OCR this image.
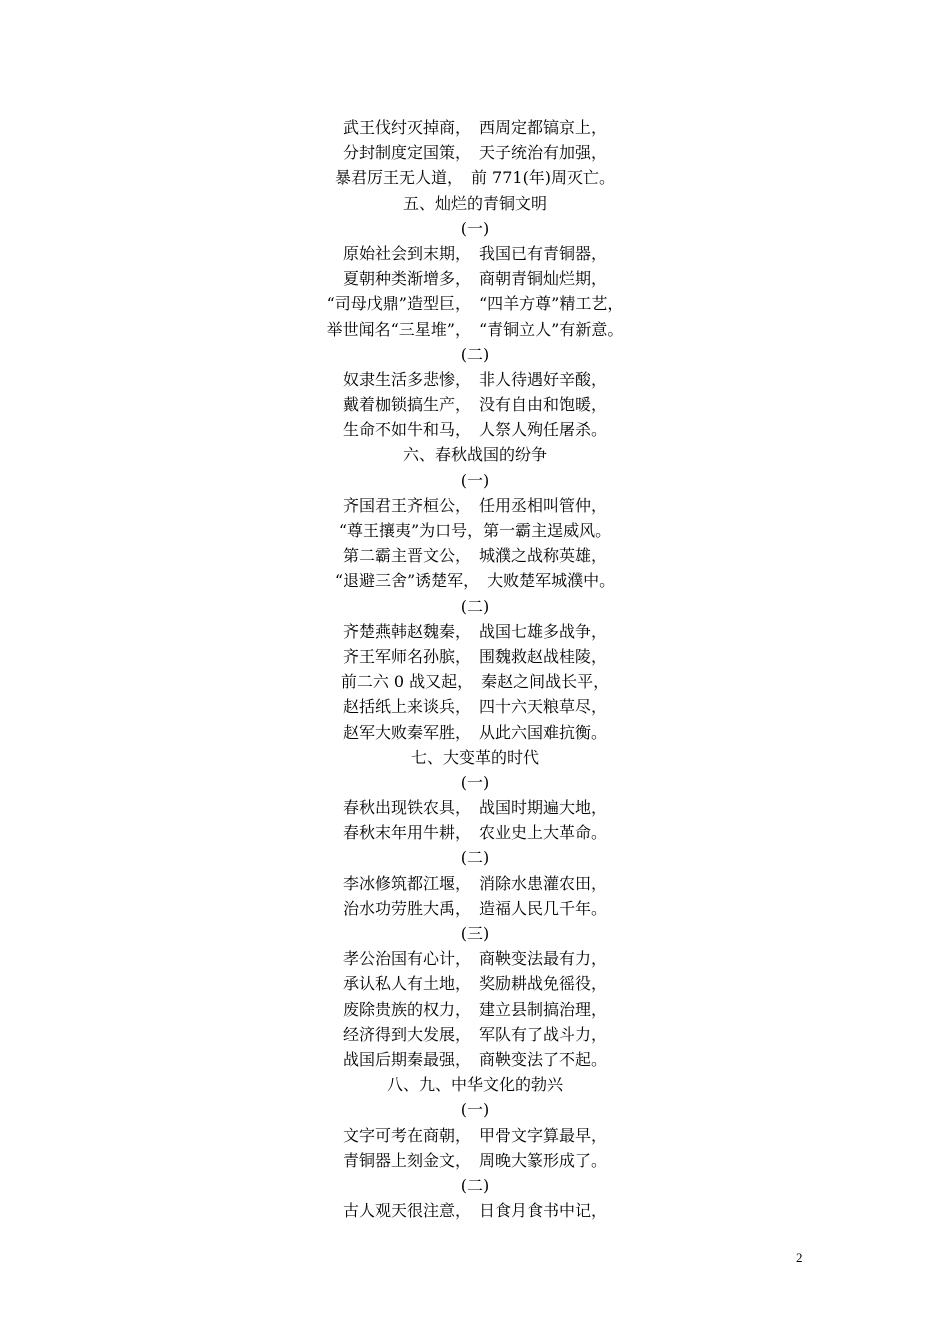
武王伐纣灭掉商，　西周定都镐京上，
分封制度定国策，　天子统治有加强，
暴君厉王无人道，　前 771(年)周灭亡。
五、灿烂的青铜文明
(一)
原始社会到末期，　我国已有青铜器，
夏朝种类渐增多，　商朝青铜灿烂期，
“司母戊鼎”造型巨，　“四羊方尊”精工艺，
举世闻名“三星堆”，　“青铜立人”有新意。
(二)
奴隶生活多悲惨，　非人待遇好辛酸，
戴着枷锁搞生产，　没有自由和饱暖，
生命不如牛和马，　人祭人殉任屠杀。
六、春秋战国的纷争
(一)
齐国君王齐桓公，　任用丞相叫管仲，
“尊王攘夷”为口号，第一霸主逞威风。
第二霸主晋文公，　城濮之战称英雄，
“退避三舍”诱楚军，　大败楚军城濮中。
(二)
齐楚燕韩赵魏秦，　战国七雄多战争，
齐王军师名孙膑，　围魏救赵战桂陵，
前二六 0 战又起，　秦赵之间战长平，
赵括纸上来谈兵，　四十六天粮草尽，
赵军大败秦军胜，　从此六国难抗衡。
七、大变革的时代
(一)
春秋出现铁农具，　战国时期遍大地，
春秋末年用牛耕，　农业史上大革命。
(二)
李冰修筑都江堰，　消除水患灌农田，
治水功劳胜大禹，　造福人民几千年。
(三)
孝公治国有心计，　商鞅变法最有力，
承认私人有土地，　奖励耕战免徭役，
废除贵族的权力，　建立县制搞治理，
经济得到大发展，　军队有了战斗力，
战国后期秦最强，　商鞅变法了不起。
八、九、中华文化的勃兴
(一)
文字可考在商朝，　甲骨文字算最早，
青铜器上刻金文，　周晚大篆形成了。
(二)
古人观天很注意，　日食月食书中记，
2
